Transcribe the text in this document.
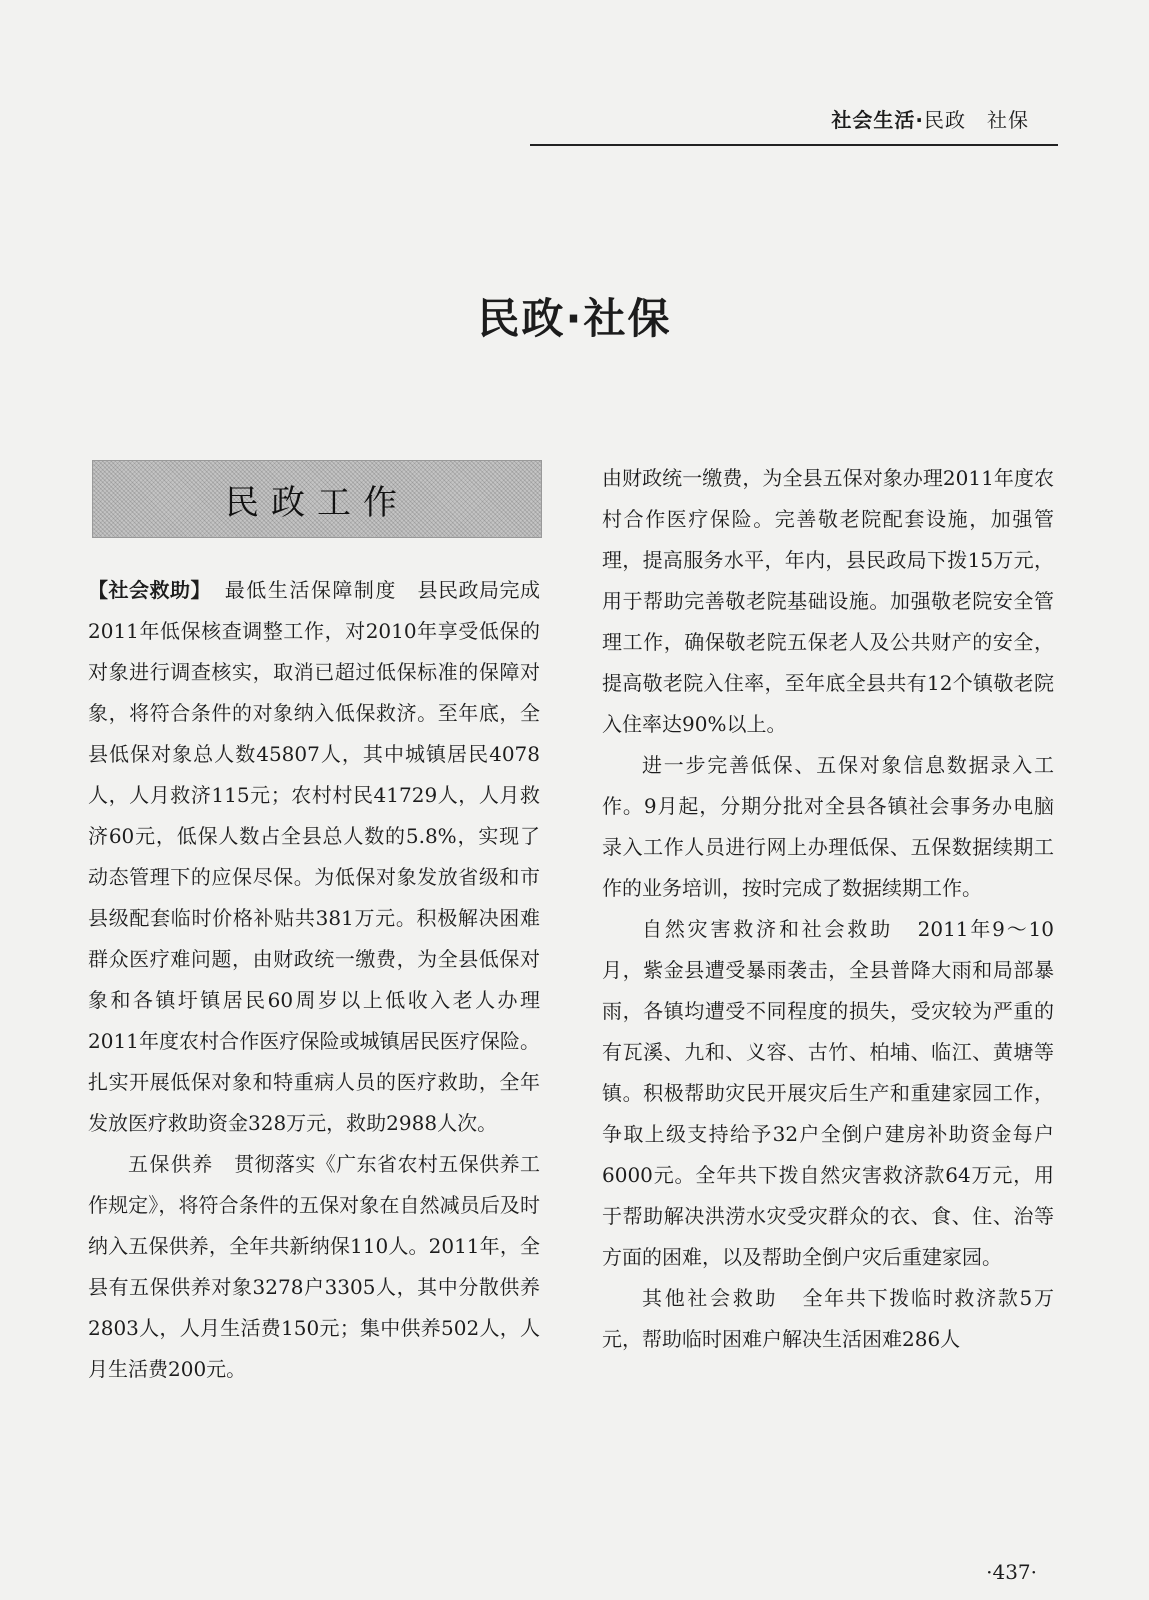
社会生活·民政　社保
民政·社保
民政工作

【社会救助】 最低生活保障制度 县民政局完成2011年低保核查调整工作，对2010年享受低保的对象进行调查核实，取消已超过低保标准的保障对象，将符合条件的对象纳入低保救济。至年底，全县低保对象总人数45807人，其中城镇居民4078人，人月救济115元；农村村民41729人，人月救济60元，低保人数占全县总人数的5.8%，实现了动态管理下的应保尽保。为低保对象发放省级和市县级配套临时价格补贴共381万元。积极解决困难群众医疗难问题，由财政统一缴费，为全县低保对象和各镇圩镇居民60周岁以上低收入老人办理2011年度农村合作医疗保险或城镇居民医疗保险。扎实开展低保对象和特重病人员的医疗救助，全年发放医疗救助资金328万元，救助2988人次。

五保供养 贯彻落实《广东省农村五保供养工作规定》，将符合条件的五保对象在自然减员后及时纳入五保供养，全年共新纳保110人。2011年，全县有五保供养对象3278户3305人，其中分散供养2803人，人月生活费150元；集中供养502人，人月生活费200元。

由财政统一缴费，为全县五保对象办理2011年度农村合作医疗保险。完善敬老院配套设施，加强管理，提高服务水平，年内，县民政局下拨15万元，用于帮助完善敬老院基础设施。加强敬老院安全管理工作，确保敬老院五保老人及公共财产的安全，提高敬老院入住率，至年底全县共有12个镇敬老院入住率达90%以上。

进一步完善低保、五保对象信息数据录入工作。9月起，分期分批对全县各镇社会事务办电脑录入工作人员进行网上办理低保、五保数据续期工作的业务培训，按时完成了数据续期工作。

自然灾害救济和社会救助 2011年9～10月，紫金县遭受暴雨袭击，全县普降大雨和局部暴雨，各镇均遭受不同程度的损失，受灾较为严重的有瓦溪、九和、义容、古竹、柏埔、临江、黄塘等镇。积极帮助灾民开展灾后生产和重建家园工作，争取上级支持给予32户全倒户建房补助资金每户6000元。全年共下拨自然灾害救济款64万元，用于帮助解决洪涝水灾受灾群众的衣、食、住、治等方面的困难，以及帮助全倒户灾后重建家园。

其他社会救助 全年共下拨临时救济款5万元，帮助临时困难户解决生活困难286人

·437·
